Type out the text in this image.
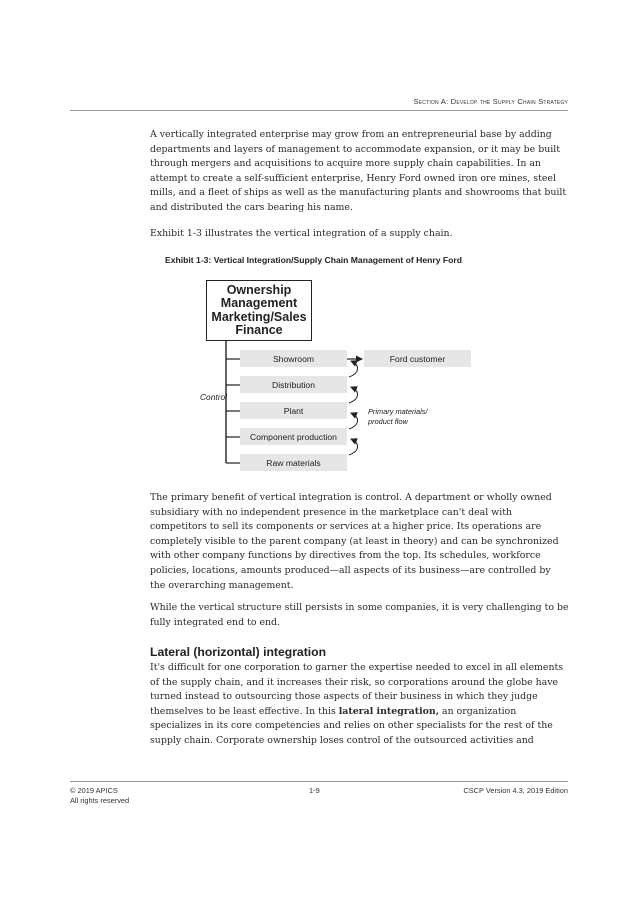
Section A: Develop the Supply Chain Strategy

A vertically integrated enterprise may grow from an entrepreneurial base by adding
departments and layers of management to accommodate expansion, or it may be built
through mergers and acquisitions to acquire more supply chain capabilities. In an
attempt to create a self-sufficient enterprise, Henry Ford owned iron ore mines, steel
mills, and a fleet of ships as well as the manufacturing plants and showrooms that built
and distributed the cars bearing his name.

Exhibit 1-3 illustrates the vertical integration of a supply chain.

Exhibit 1-3: Vertical Integration/Supply Chain Management of Henry Ford
Ownership
Management
Marketing/Sales
Finance
Showroom
Distribution
Plant
Component production
Raw materials
Ford customer
Control
Primary materials/
product flow

The primary benefit of vertical integration is control. A department or wholly owned
subsidiary with no independent presence in the marketplace can't deal with
competitors to sell its components or services at a higher price. Its operations are
completely visible to the parent company (at least in theory) and can be synchronized
with other company functions by directives from the top. Its schedules, workforce
policies, locations, amounts produced—all aspects of its business—are controlled by
the overarching management.

While the vertical structure still persists in some companies, it is very challenging to be
fully integrated end to end.

Lateral (horizontal) integration

It's difficult for one corporation to garner the expertise needed to excel in all elements
of the supply chain, and it increases their risk, so corporations around the globe have
turned instead to outsourcing those aspects of their business in which they judge
themselves to be least effective. In this lateral integration, an organization
specializes in its core competencies and relies on other specialists for the rest of the
supply chain. Corporate ownership loses control of the outsourced activities and

© 2019 APICS
All rights reserved
1-9	CSCP Version 4.3, 2019 Edition
